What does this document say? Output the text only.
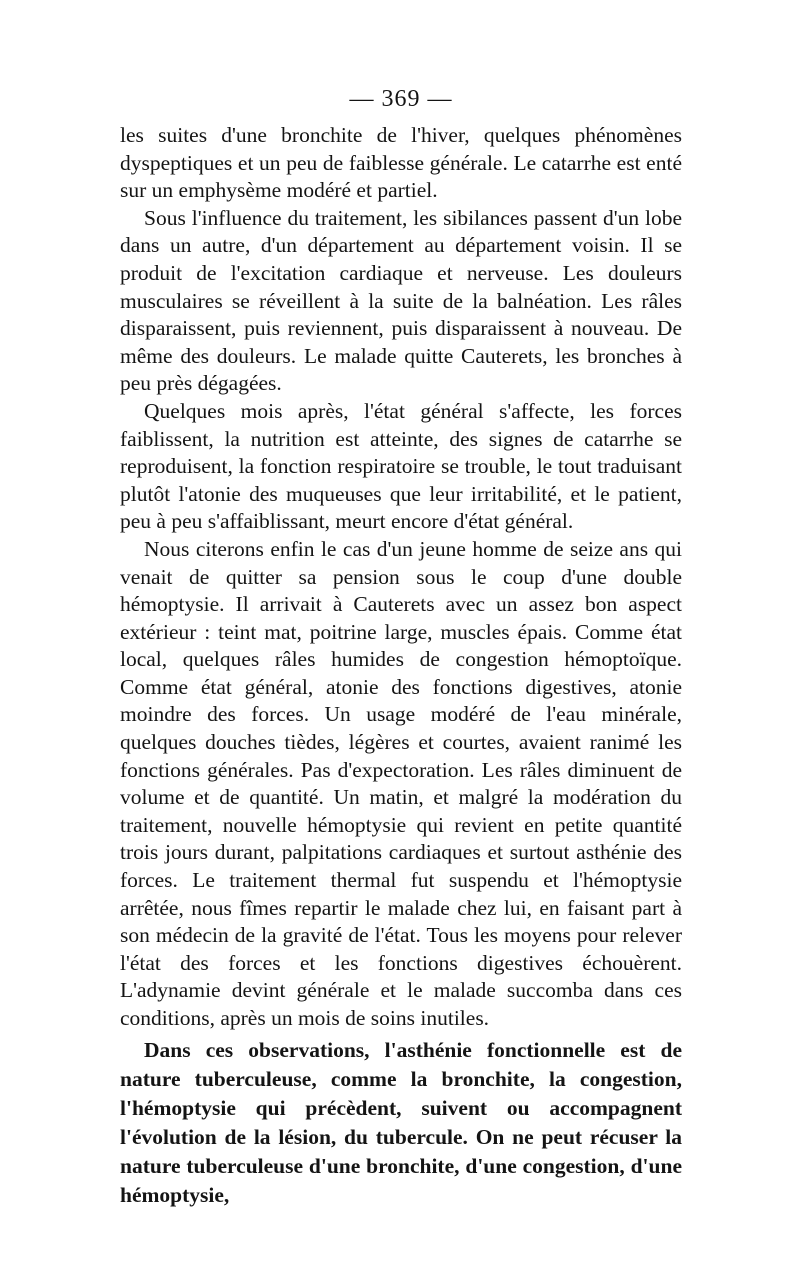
— 369 —

les suites d'une bronchite de l'hiver, quelques phénomènes dyspeptiques et un peu de faiblesse générale. Le catarrhe est enté sur un emphysème modéré et partiel.

Sous l'influence du traitement, les sibilances passent d'un lobe dans un autre, d'un département au département voisin. Il se produit de l'excitation cardiaque et nerveuse. Les douleurs musculaires se réveillent à la suite de la balnéation. Les râles disparaissent, puis reviennent, puis disparaissent à nouveau. De même des douleurs. Le malade quitte Cauterets, les bronches à peu près dégagées.

Quelques mois après, l'état général s'affecte, les forces faiblissent, la nutrition est atteinte, des signes de catarrhe se reproduisent, la fonction respiratoire se trouble, le tout traduisant plutôt l'atonie des muqueuses que leur irritabilité, et le patient, peu à peu s'affaiblissant, meurt encore d'état général.

Nous citerons enfin le cas d'un jeune homme de seize ans qui venait de quitter sa pension sous le coup d'une double hémoptysie. Il arrivait à Cauterets avec un assez bon aspect extérieur : teint mat, poitrine large, muscles épais. Comme état local, quelques râles humides de congestion hémoptoïque. Comme état général, atonie des fonctions digestives, atonie moindre des forces. Un usage modéré de l'eau minérale, quelques douches tièdes, légères et courtes, avaient ranimé les fonctions générales. Pas d'expectoration. Les râles diminuent de volume et de quantité. Un matin, et malgré la modération du traitement, nouvelle hémoptysie qui revient en petite quantité trois jours durant, palpitations cardiaques et surtout asthénie des forces. Le traitement thermal fut suspendu et l'hémoptysie arrêtée, nous fîmes repartir le malade chez lui, en faisant part à son médecin de la gravité de l'état. Tous les moyens pour relever l'état des forces et les fonctions digestives échouèrent. L'adynamie devint générale et le malade succomba dans ces conditions, après un mois de soins inutiles.

Dans ces observations, l'asthénie fonctionnelle est de nature tuberculeuse, comme la bronchite, la congestion, l'hémoptysie qui précèdent, suivent ou accompagnent l'évolution de la lésion, du tubercule. On ne peut récuser la nature tuberculeuse d'une bronchite, d'une congestion, d'une hémoptysie,
